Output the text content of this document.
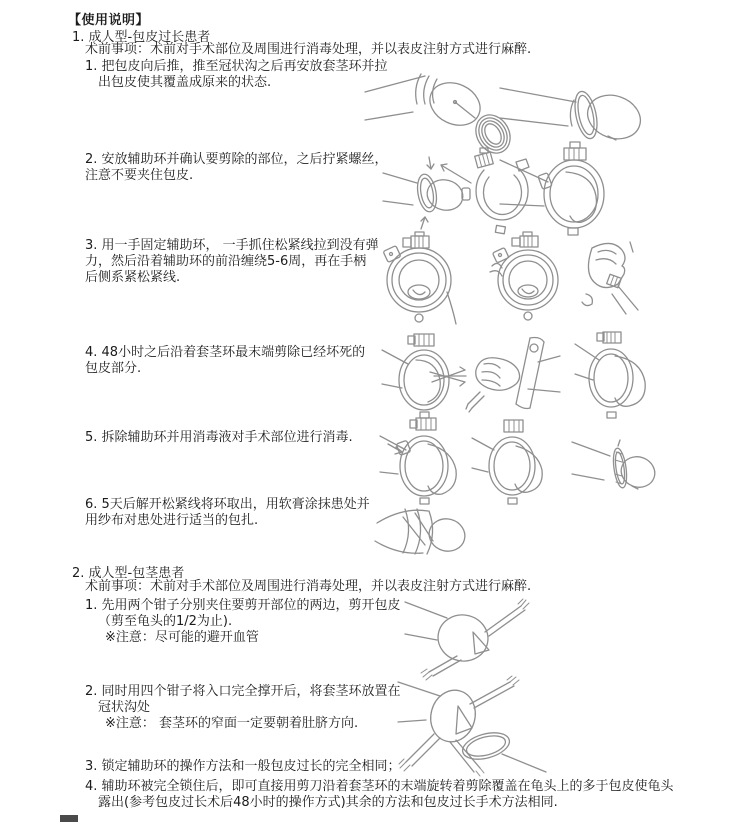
【使用说明】
1. 成人型-包皮过长患者
术前事项：术前对手术部位及周围进行消毒处理，并以表皮注射方式进行麻醉.
1. 把包皮向后推，推至冠状沟之后再安放套茎环并拉
出包皮使其覆盖成原来的状态.
2. 安放辅助环并确认要剪除的部位，之后拧紧螺丝，
注意不要夹住包皮.
3. 用一手固定辅助环， 一手抓住松紧线拉到没有弹
力，然后沿着辅助环的前沿缠绕5-6周，再在手柄
后侧系紧松紧线.
4. 48小时之后沿着套茎环最末端剪除已经坏死的
包皮部分.
5. 拆除辅助环并用消毒液对手术部位进行消毒.
6. 5天后解开松紧线将环取出，用软膏涂抹患处并
用纱布对患处进行适当的包扎.
2. 成人型-包茎患者
术前事项：术前对手术部位及周围进行消毒处理，并以表皮注射方式进行麻醉.
1. 先用两个钳子分别夹住要剪开部位的两边，剪开包皮
（剪至龟头的1/2为止).
※注意：尽可能的避开血管
2. 同时用四个钳子将入口完全撑开后，将套茎环放置在
冠状沟处
※注意： 套茎环的窄面一定要朝着肚脐方向.
3. 锁定辅助环的操作方法和一般包皮过长的完全相同；
4. 辅助环被完全锁住后，即可直接用剪刀沿着套茎环的末端旋转着剪除覆盖在龟头上的多于包皮使龟头
露出(参考包皮过长术后48小时的操作方式)其余的方法和包皮过长手术方法相同.
